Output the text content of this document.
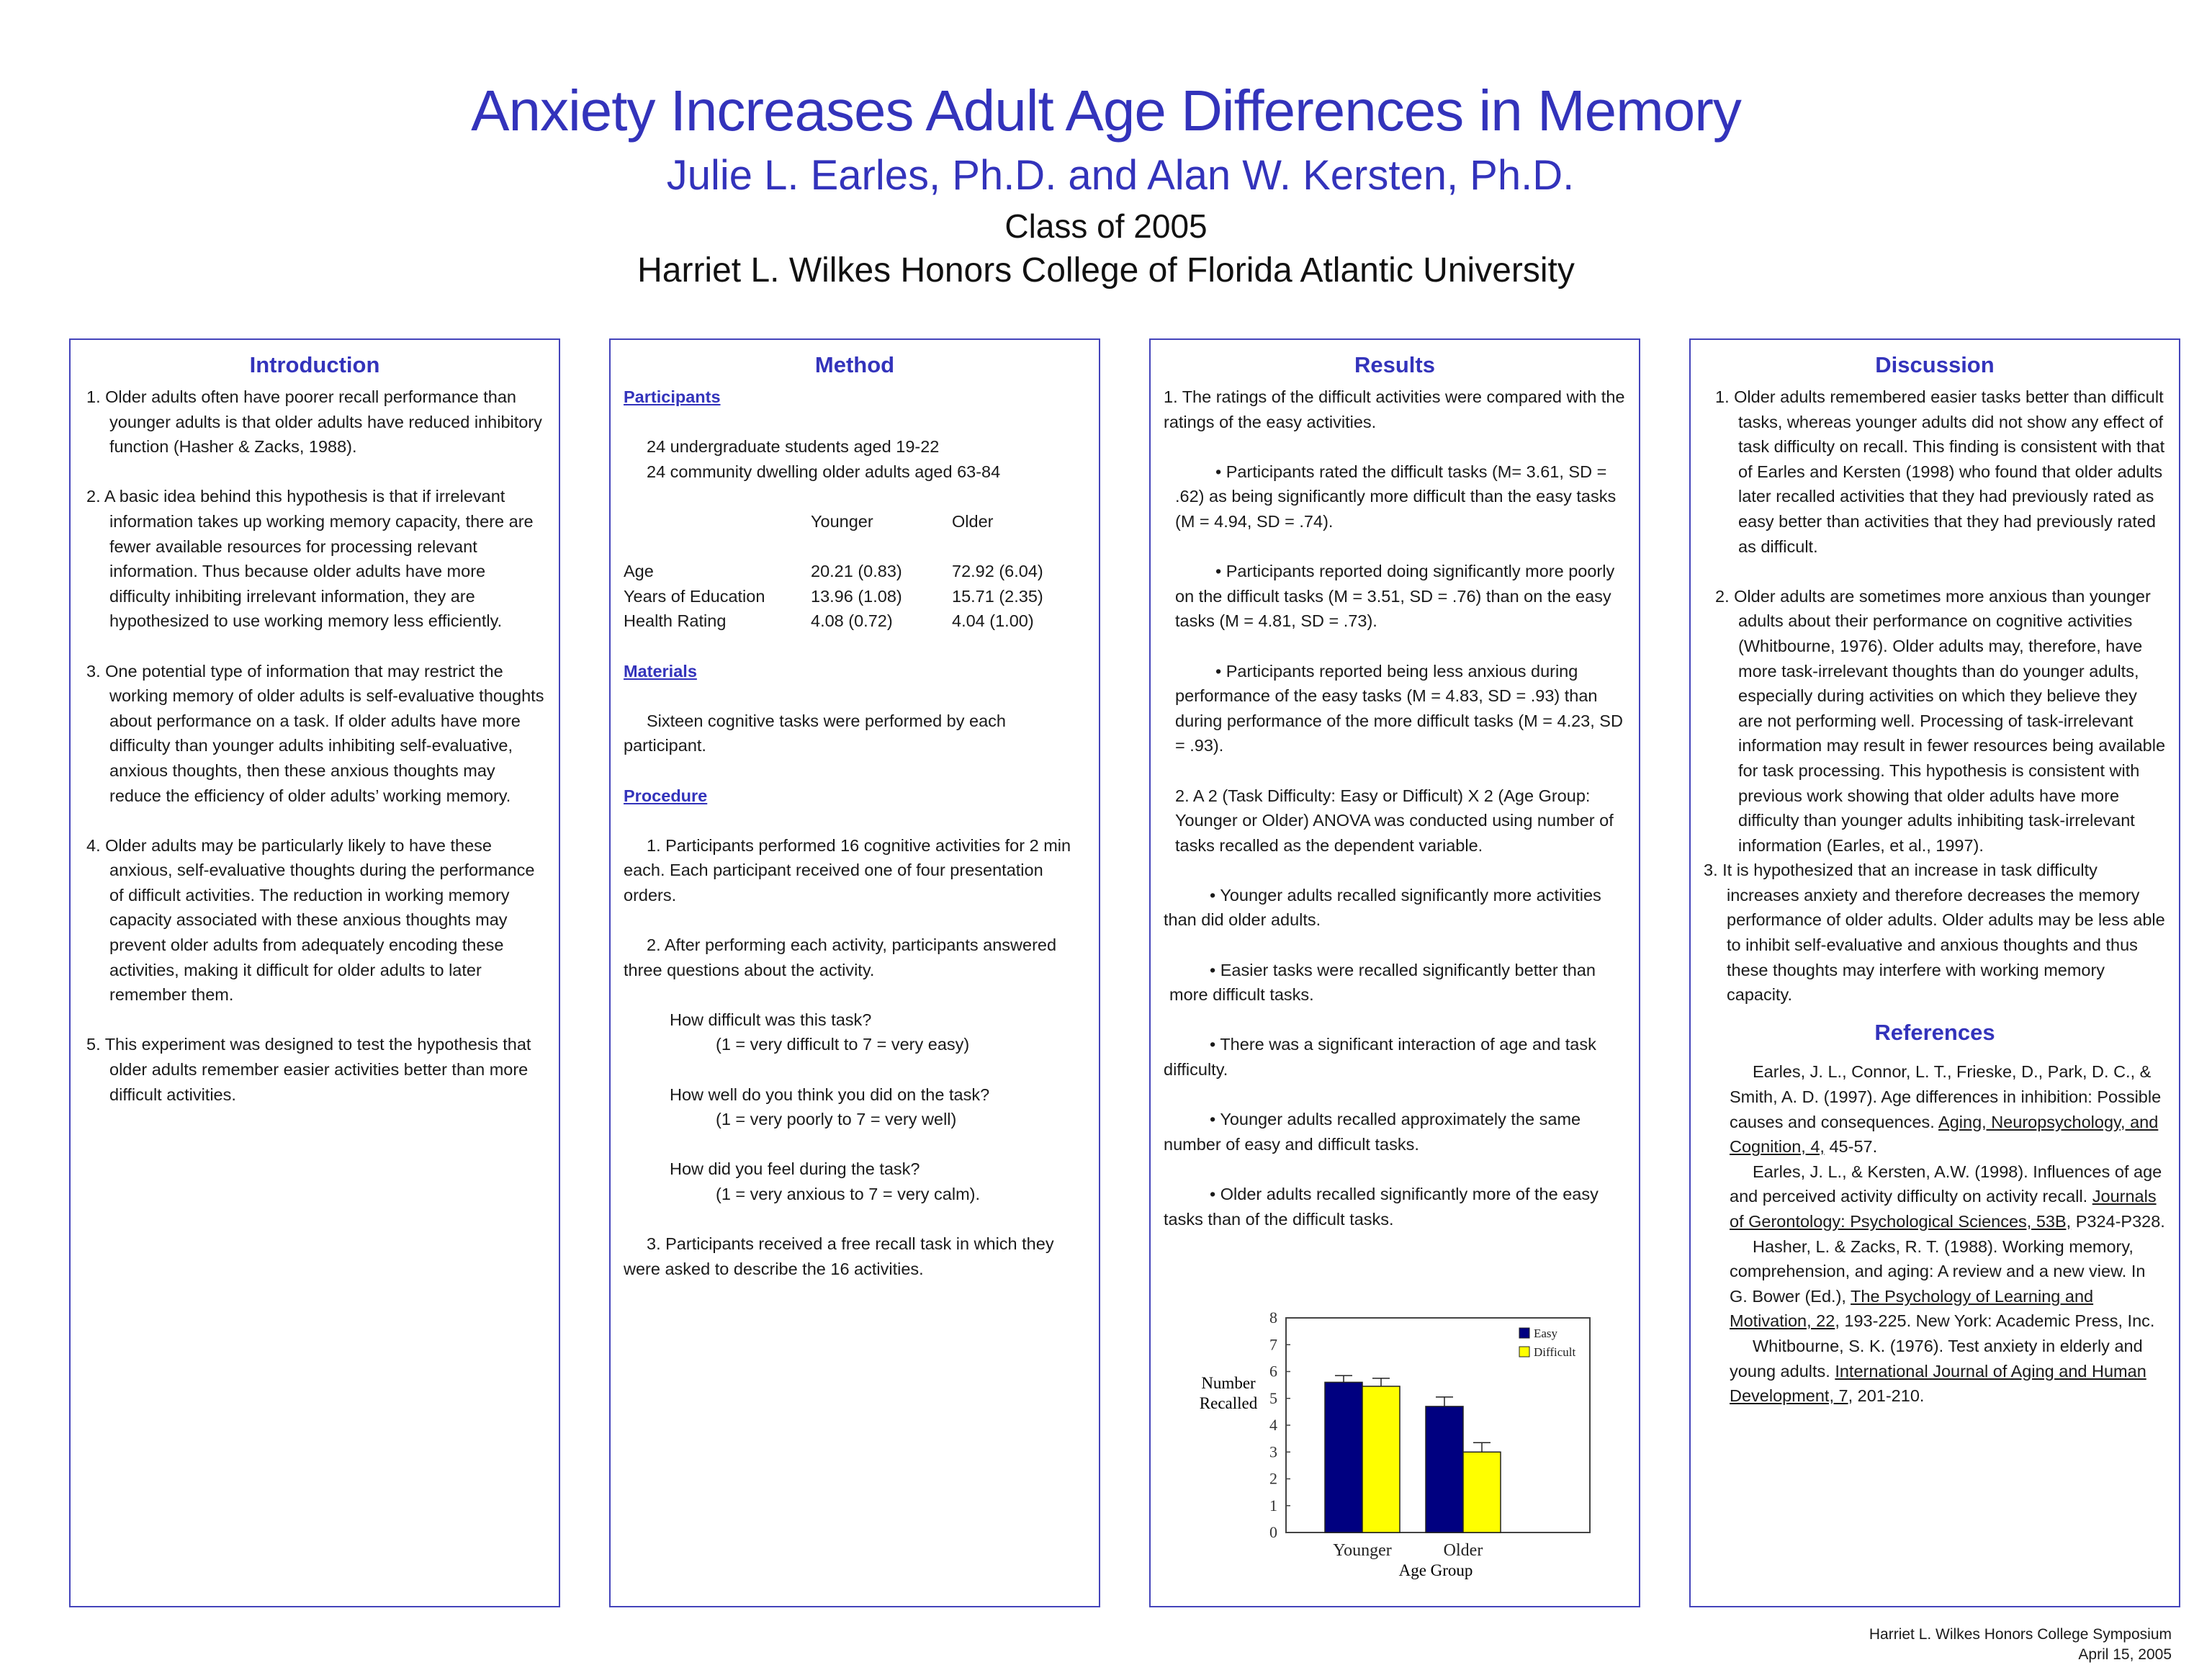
Anxiety Increases Adult Age Differences in Memory
Julie L. Earles, Ph.D. and Alan W. Kersten, Ph.D.
Class of 2005
Harriet L. Wilkes Honors College of Florida Atlantic University
Introduction

1. Older adults often have poorer recall performance than younger adults is that older adults have reduced inhibitory function (Hasher & Zacks, 1988).

2. A basic idea behind this hypothesis is that if irrelevant information takes up working memory capacity, there are fewer available resources for processing relevant information. Thus because older adults have more difficulty inhibiting irrelevant information, they are hypothesized to use working memory less efficiently.

3. One potential type of information that may restrict the working memory of older adults is self-evaluative thoughts about performance on a task. If older adults have more difficulty than younger adults inhibiting self-evaluative, anxious thoughts, then these anxious thoughts may reduce the efficiency of older adults’ working memory.

4. Older adults may be particularly likely to have these anxious, self-evaluative thoughts during the performance of difficult activities. The reduction in working memory capacity associated with these anxious thoughts may prevent older adults from adequately encoding these activities, making it difficult for older adults to later remember them.

5. This experiment was designed to test the hypothesis that older adults remember easier activities better than more difficult activities.

Method

Participants

24 undergraduate students aged 19-22

24 community dwelling older adults aged 63-84

Younger	Older
Age	20.21 (0.83)	72.92 (6.04)
Years of Education	13.96 (1.08)	15.71 (2.35)
Health Rating	4.08 (0.72)	4.04 (1.00)

Materials

Sixteen cognitive tasks were performed by each participant.

Procedure

1. Participants performed 16 cognitive activities for 2 min each. Each participant received one of four presentation orders.

2. After performing each activity, participants answered three questions about the activity.

How difficult was this task?

(1 = very difficult to 7 = very easy)

How well do you think you did on the task?

(1 = very poorly to 7 = very well)

How did you feel during the task?

(1 = very anxious to 7 = very calm).

3. Participants received a free recall task in which they were asked to describe the 16 activities.

Results

1. The ratings of the difficult activities were compared with the ratings of the easy activities.

• Participants rated the difficult tasks (M= 3.61, SD = .62) as being significantly more difficult than the easy tasks (M = 4.94, SD = .74).

• Participants reported doing significantly more poorly on the difficult tasks (M = 3.51, SD = .76) than on the easy tasks (M = 4.81, SD = .73).

• Participants reported being less anxious during performance of the easy tasks (M = 4.83, SD = .93) than during performance of the more difficult tasks (M = 4.23, SD = .93).

2. A 2 (Task Difficulty: Easy or Difficult) X 2 (Age Group: Younger or Older) ANOVA was conducted using number of tasks recalled as the dependent variable.

• Younger adults recalled significantly more activities than did older adults.

• Easier tasks were recalled significantly better than more difficult tasks.

• There was a significant interaction of age and task difficulty.

• Younger adults recalled approximately the same number of easy and difficult tasks.

• Older adults recalled significantly more of the easy tasks than of the difficult tasks.

Number
Recalled
0
1
2
3
4
5
6
7
8
Younger	Older
Age Group
Easy
Difficult
Discussion

1. Older adults remembered easier tasks better than difficult tasks, whereas younger adults did not show any effect of task difficulty on recall. This finding is consistent with that of Earles and Kersten (1998) who found that older adults later recalled activities that they had previously rated as easy better than activities that they had previously rated as difficult.

2. Older adults are sometimes more anxious than younger adults about their performance on cognitive activities (Whitbourne, 1976). Older adults may, therefore, have more task-irrelevant thoughts than do younger adults, especially during activities on which they believe they are not performing well. Processing of task-irrelevant information may result in fewer resources being available for task processing. This hypothesis is consistent with previous work showing that older adults have more difficulty than younger adults inhibiting task-irrelevant information (Earles, et al., 1997).

3. It is hypothesized that an increase in task difficulty increases anxiety and therefore decreases the memory performance of older adults. Older adults may be less able to inhibit self-evaluative and anxious thoughts and thus these thoughts may interfere with working memory capacity.

References

Earles, J. L., Connor, L. T., Frieske, D., Park, D. C., & Smith, A. D. (1997). Age differences in inhibition: Possible causes and consequences. Aging, Neuropsychology, and Cognition, 4, 45-57.

Earles, J. L., & Kersten, A.W. (1998). Influences of age and perceived activity difficulty on activity recall. Journals of Gerontology: Psychological Sciences, 53B, P324-P328.

Hasher, L. & Zacks, R. T. (1988). Working memory, comprehension, and aging: A review and a new view. In G. Bower (Ed.), The Psychology of Learning and Motivation, 22, 193-225. New York: Academic Press, Inc.

Whitbourne, S. K. (1976). Test anxiety in elderly and young adults. International Journal of Aging and Human Development, 7, 201-210.

Harriet L. Wilkes Honors College Symposium
April 15, 2005
